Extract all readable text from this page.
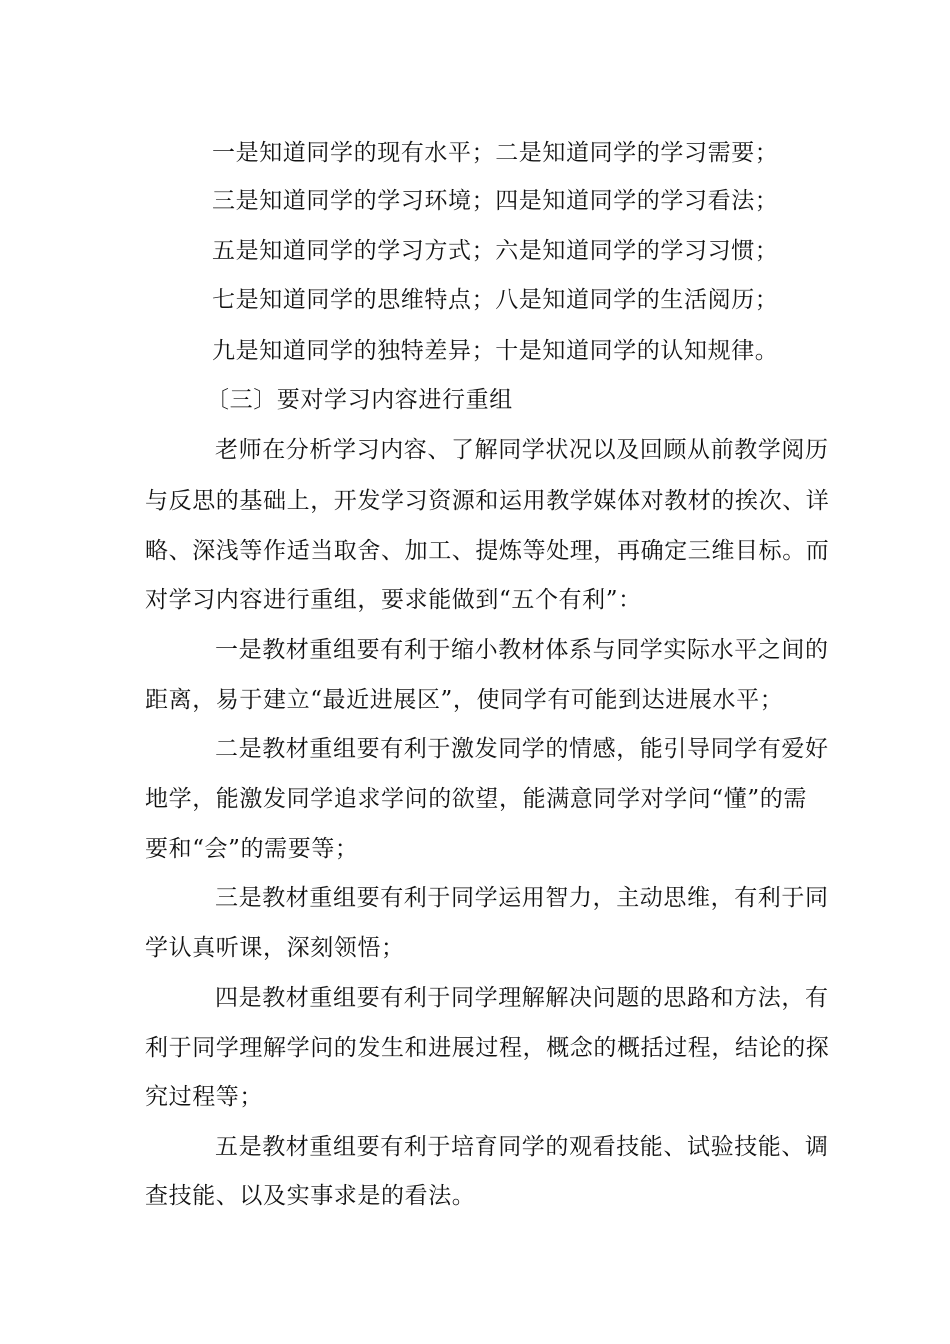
一是知道同学的现有水平；二是知道同学的学习需要；
三是知道同学的学习环境；四是知道同学的学习看法；
五是知道同学的学习方式；六是知道同学的学习习惯；
七是知道同学的思维特点；八是知道同学的生活阅历；
九是知道同学的独特差异；十是知道同学的认知规律。
〔三〕要对学习内容进行重组
老师在分析学习内容、了解同学状况以及回顾从前教学阅历
与反思的基础上，开发学习资源和运用教学媒体对教材的挨次、详
略、深浅等作适当取舍、加工、提炼等处理，再确定三维目标。而
对学习内容进行重组，要求能做到“五个有利”：
一是教材重组要有利于缩小教材体系与同学实际水平之间的
距离，易于建立“最近进展区”，使同学有可能到达进展水平；
二是教材重组要有利于激发同学的情感，能引导同学有爱好
地学，能激发同学追求学问的欲望，能满意同学对学问“懂”的需
要和“会”的需要等；
三是教材重组要有利于同学运用智力，主动思维，有利于同
学认真听课，深刻领悟；
四是教材重组要有利于同学理解解决问题的思路和方法，有
利于同学理解学问的发生和进展过程，概念的概括过程，结论的探
究过程等；
五是教材重组要有利于培育同学的观看技能、试验技能、调
查技能、以及实事求是的看法。
